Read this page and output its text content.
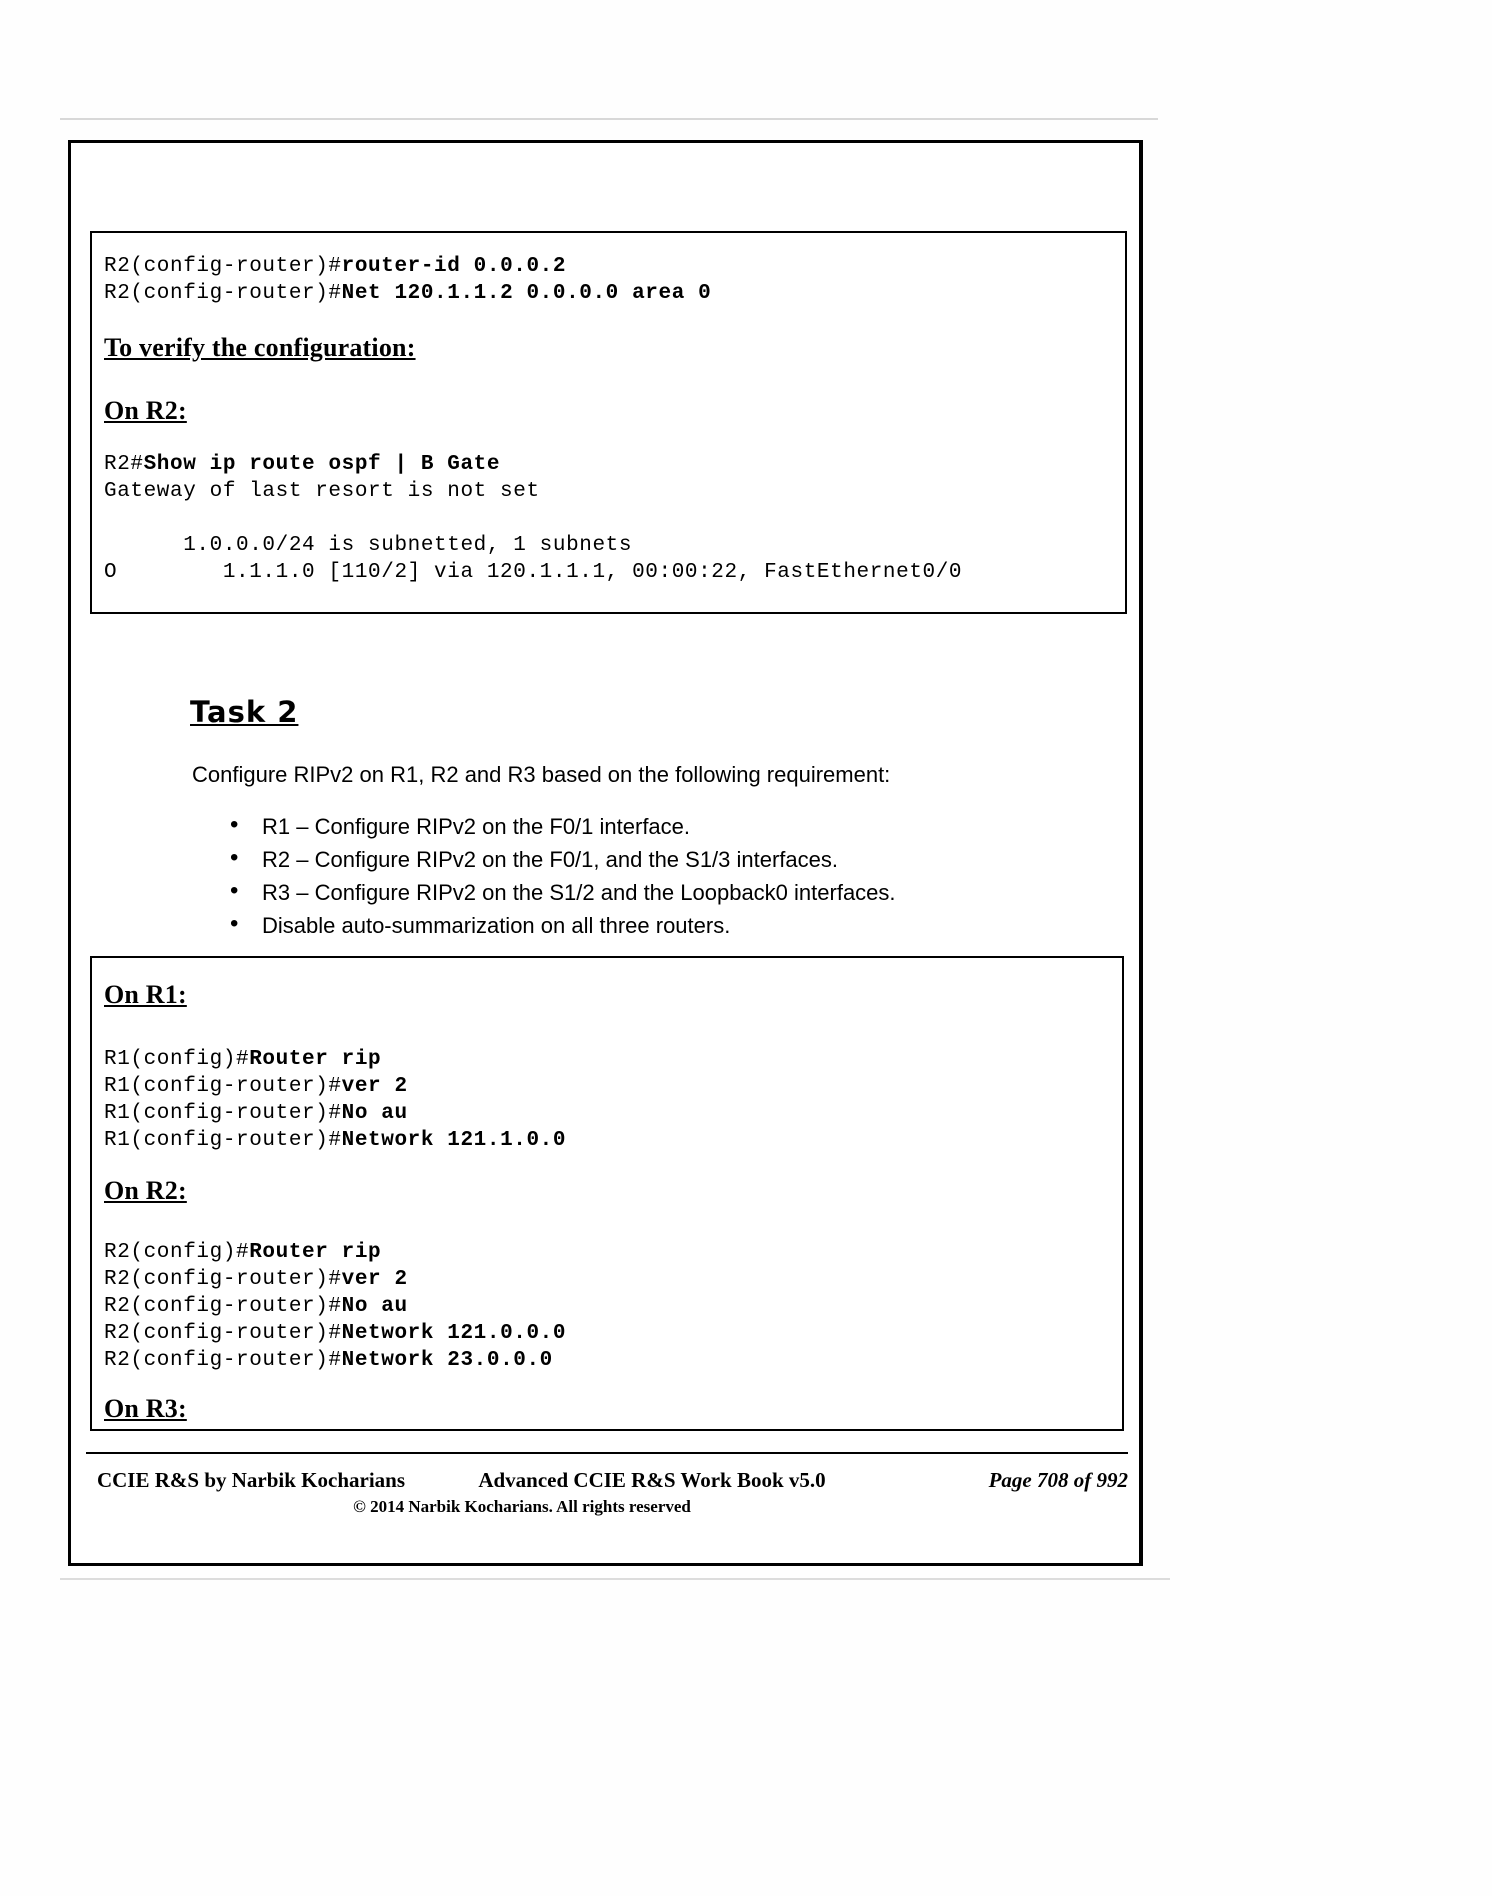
R2(config-router)#router-id 0.0.0.2
R2(config-router)#Net 120.1.1.2 0.0.0.0 area 0
To verify the configuration:
On R2:
R2#Show ip route ospf | B Gate
Gateway of last resort is not set
1.0.0.0/24 is subnetted, 1 subnets
O        1.1.1.0 [110/2] via 120.1.1.1, 00:00:22, FastEthernet0/0
Task 2
Configure RIPv2 on R1, R2 and R3 based on the following requirement:
• R1 – Configure RIPv2 on the F0/1 interface.
• R2 – Configure RIPv2 on the F0/1, and the S1/3 interfaces.
• R3 – Configure RIPv2 on the S1/2 and the Loopback0 interfaces.
• Disable auto-summarization on all three routers.
On R1:
R1(config)#Router rip
R1(config-router)#ver 2
R1(config-router)#No au
R1(config-router)#Network 121.1.0.0
On R2:
R2(config)#Router rip
R2(config-router)#ver 2
R2(config-router)#No au
R2(config-router)#Network 121.0.0.0
R2(config-router)#Network 23.0.0.0
On R3:
CCIE R&S by Narbik Kocharians	Advanced CCIE R&S Work Book v5.0	Page 708 of 992
© 2014 Narbik Kocharians. All rights reserved
